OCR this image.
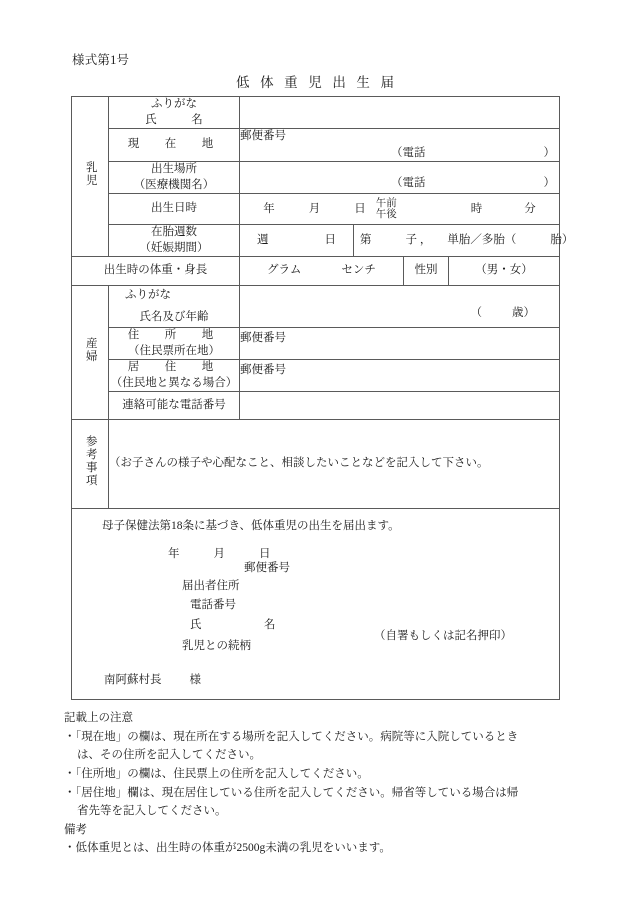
様式第1号
低 体 重 児 出 生 届
乳児	ふりがな
氏　　　名				

	現　在　地	郵便番号
（電話 ）			

	出生場所
（医療機関名）	（電話 ）			

	出生日時	年 月 日 午前
午後 時 分			

	在胎週数
（妊娠期間）	週 日	第 子 ， 単胎／多胎（ 胎）		

出生時の体重・身長		グラム センチ		性別	（男・女）
産婦	ふりがな
氏名及び年齢	（ 歳）			

	住　所　地
（住民票所在地）	郵便番号			

	居　住　地
（住民地と異なる場合）	郵便番号			

	連絡可能な電話番号				
参考事項	（お子さんの様子や心配なこと、相談したいことなどを記入して下さい。				

母子保健法第18条に基づき、低体重児の出生を届出ます。
年	月	日
郵便番号
届出者住所
電話番号
氏　　　名
（自署もしくは記名押印）
乳児との続柄
南阿蘇村長 様

記載上の注意

・「現在地」の欄は、現在所在する場所を記入してください。病院等に入院しているとき

は、その住所を記入してください。

・「住所地」の欄は、住民票上の住所を記入してください。

・「居住地」欄は、現在居住している住所を記入してください。帰省等している場合は帰

省先等を記入してください。

備考

・低体重児とは、出生時の体重が2500g未満の乳児をいいます。
